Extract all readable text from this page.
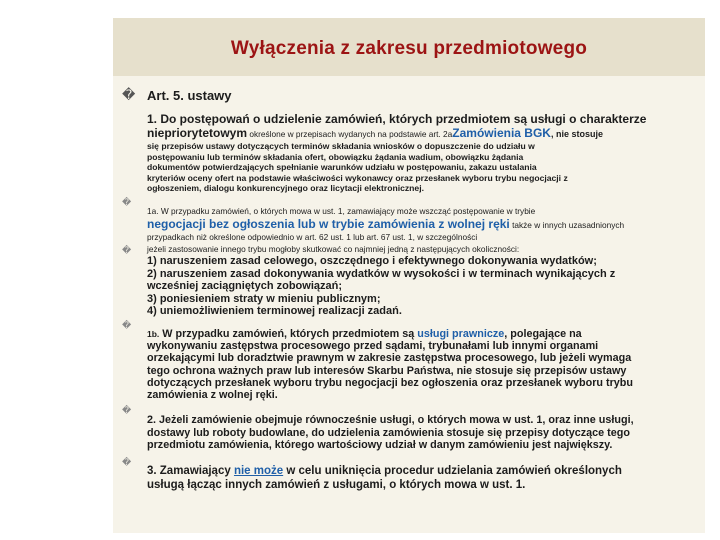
Wyłączenia z zakresu przedmiotowego
� Art. 5. ustawy
1. Do postępowań o udzielenie zamówień, których przedmiotem są usługi o charakterze
niepriorytetowym określone w przepisach wydanych na podstawie art. 2aZamówienia BGK, nie stosuje
się przepisów ustawy dotyczących terminów składania wniosków o dopuszczenie do udziału w
postępowaniu lub terminów składania ofert, obowiązku żądania wadium, obowiązku żądania
dokumentów potwierdzających spełnianie warunków udziału w postępowaniu, zakazu ustalania
kryteriów oceny ofert na podstawie właściwości wykonawcy oraz przesłanek wyboru trybu negocjacji z
ogłoszeniem, dialogu konkurencyjnego oraz licytacji elektronicznej.
�
1a. W przypadku zamówień, o których mowa w ust. 1, zamawiający może wszcząć postępowanie w trybie
negocjacji bez ogłoszenia lub w trybie zamówienia z wolnej ręki także w innych uzasadnionych
przypadkach niż określone odpowiednio w art. 62 ust. 1 lub art. 67 ust. 1, w szczególności
� jeżeli zastosowanie innego trybu mogłoby skutkować co najmniej jedną z następujących okoliczności:
1) naruszeniem zasad celowego, oszczędnego i efektywnego dokonywania wydatków;
2) naruszeniem zasad dokonywania wydatków w wysokości i w terminach wynikających z
wcześniej zaciągniętych zobowiązań;
3) poniesieniem straty w mieniu publicznym;
4) uniemożliwieniem terminowej realizacji zadań.
�
1b. W przypadku zamówień, których przedmiotem są usługi prawnicze, polegające na
wykonywaniu zastępstwa procesowego przed sądami, trybunałami lub innymi organami
orzekającymi lub doradztwie prawnym w zakresie zastępstwa procesowego, lub jeżeli wymaga
tego ochrona ważnych praw lub interesów Skarbu Państwa, nie stosuje się przepisów ustawy
dotyczących przesłanek wyboru trybu negocjacji bez ogłoszenia oraz przesłanek wyboru trybu
zamówienia z wolnej ręki.
�
2. Jeżeli zamówienie obejmuje równocześnie usługi, o których mowa w ust. 1, oraz inne usługi,
dostawy lub roboty budowlane, do udzielenia zamówienia stosuje się przepisy dotyczące tego
przedmiotu zamówienia, którego wartościowy udział w danym zamówieniu jest największy.
�
3. Zamawiający nie może w celu uniknięcia procedur udzielania zamówień określonych
usługą łącząc innych zamówień z usługami, o których mowa w ust. 1.
